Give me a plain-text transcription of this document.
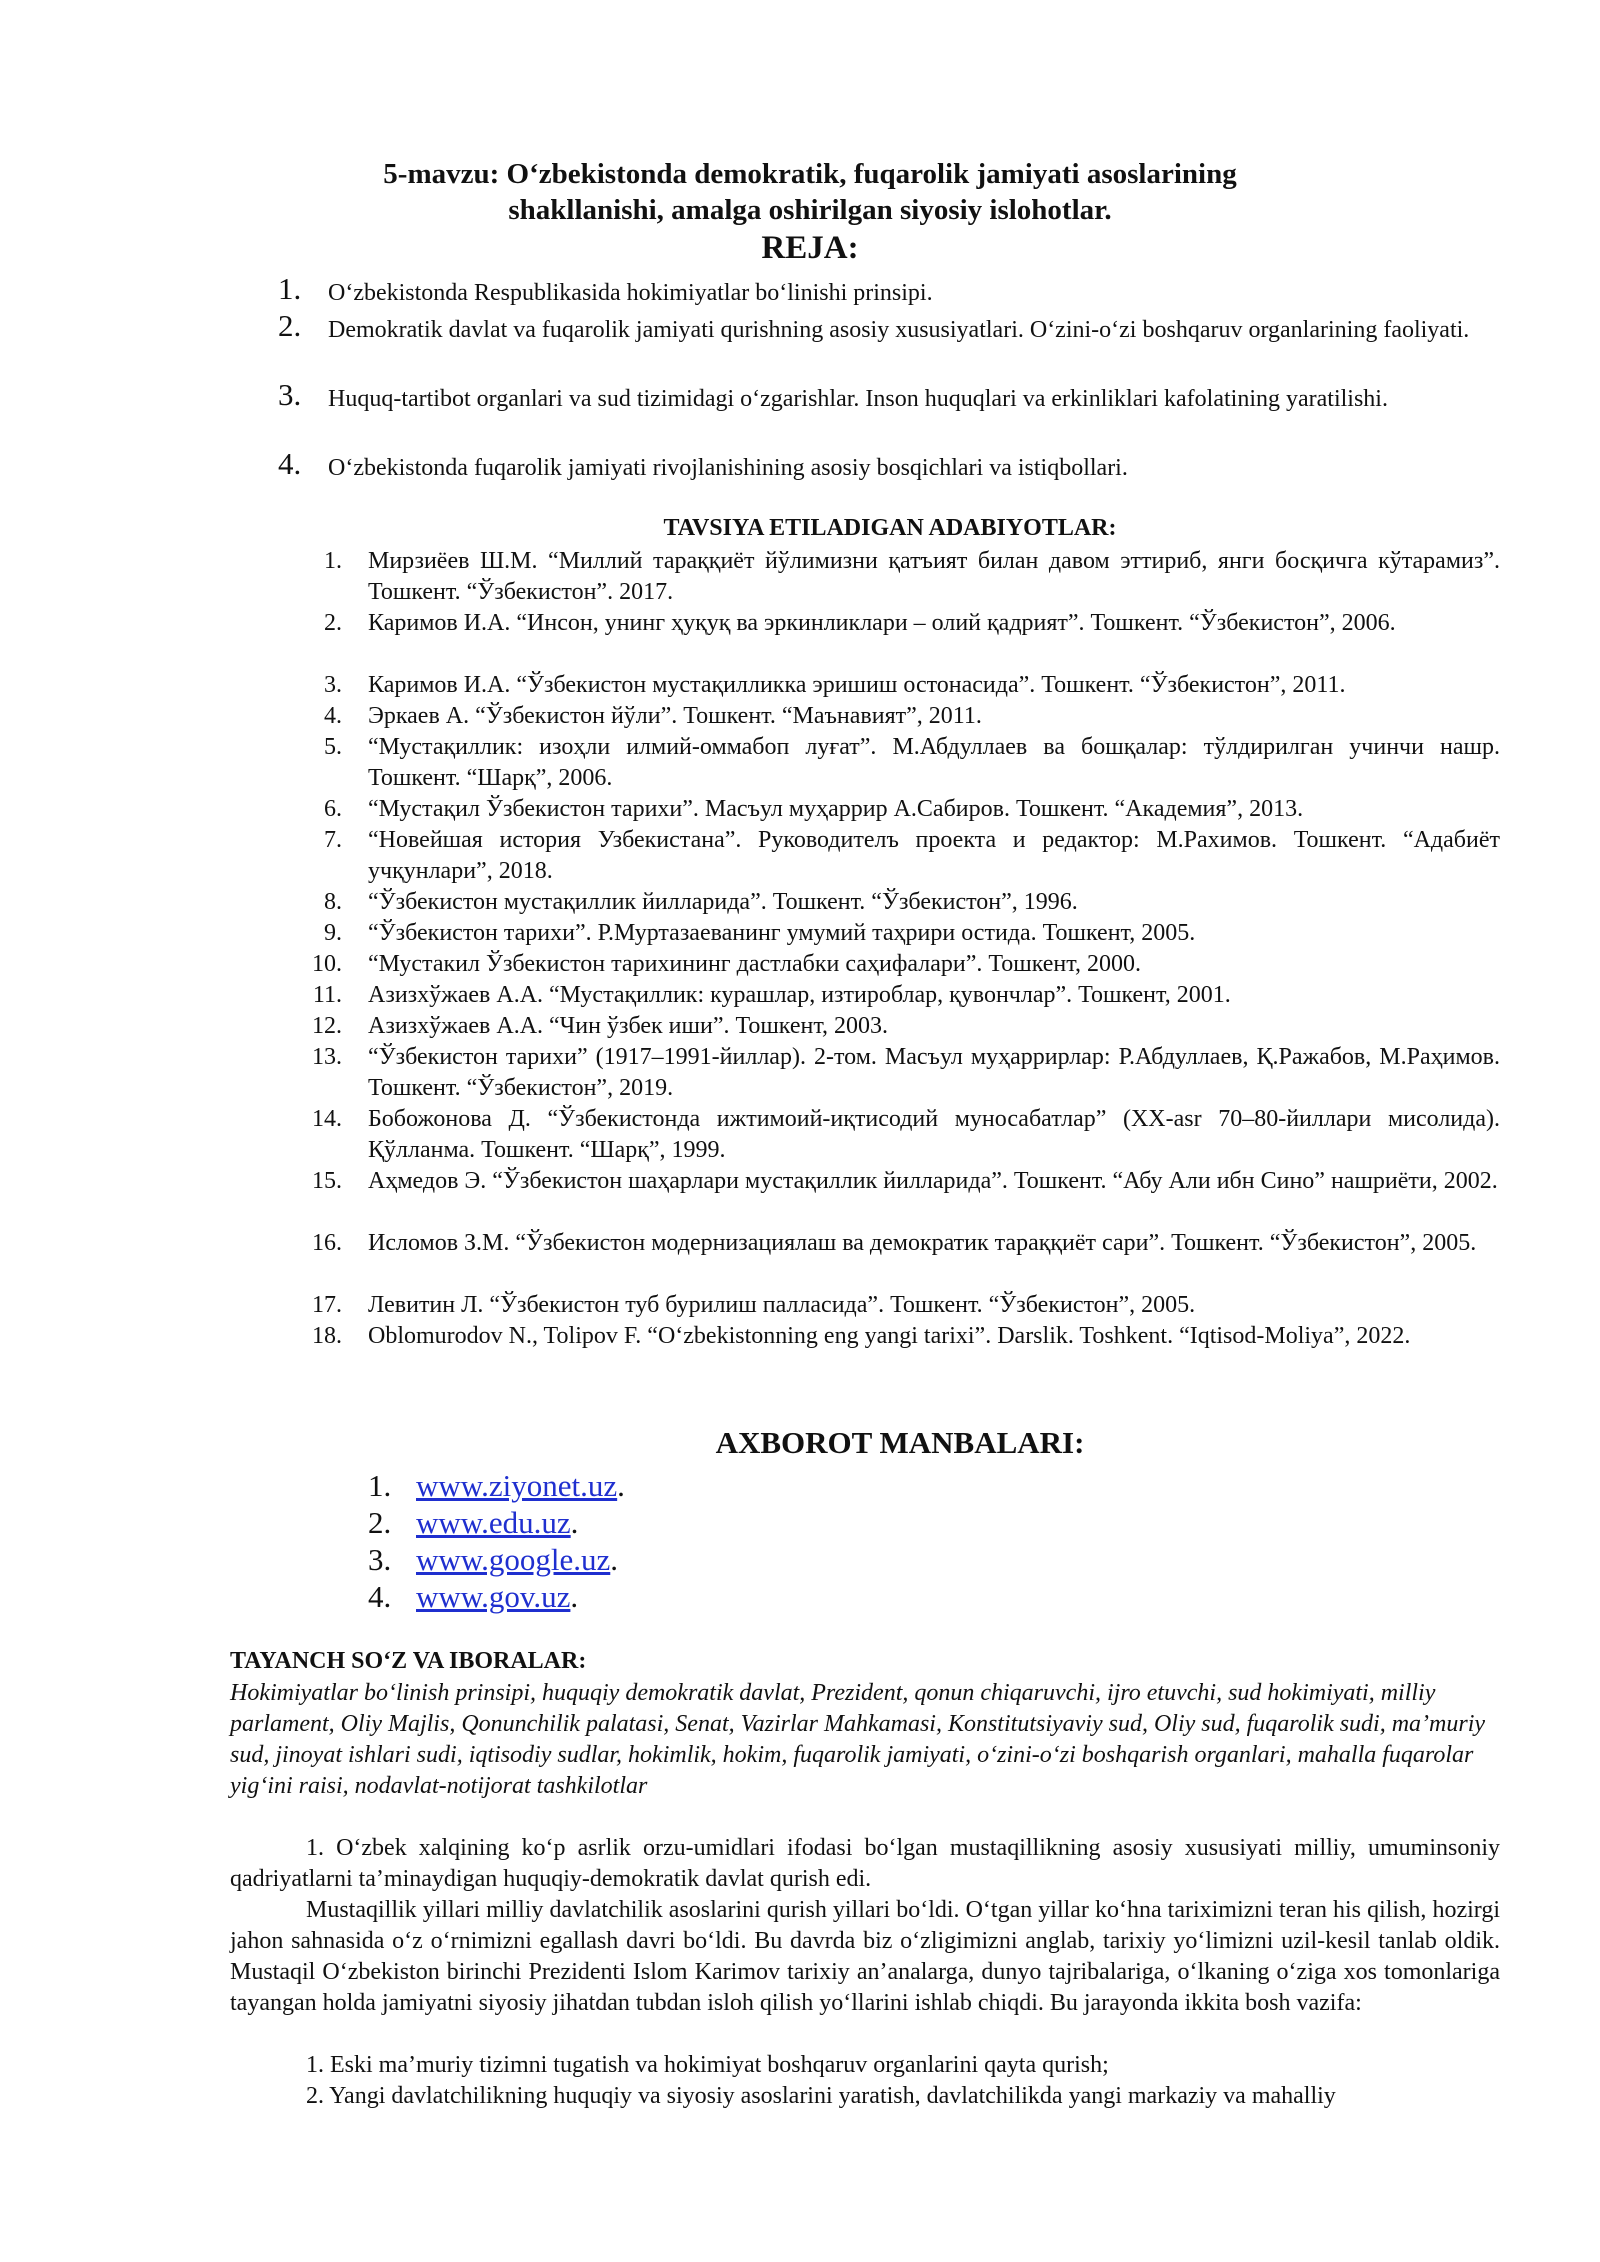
5-mavzu: O‘zbekistonda demokratik, fuqarolik jamiyati asoslarining
shakllanishi, amalga oshirilgan siyosiy islohotlar.
REJA:
1. O‘zbekistonda Respublikasida hokimiyatlar bo‘linishi prinsipi.
2. Demokratik davlat va fuqarolik jamiyati qurishning asosiy xususiyatlari. O‘zini-o‘zi boshqaruv organlarining faoliyati.
3. Huquq-tartibot organlari va sud tizimidagi o‘zgarishlar. Inson huquqlari va erkinliklari kafolatining yaratilishi.
4. O‘zbekistonda fuqarolik jamiyati rivojlanishining asosiy bosqichlari va istiqbollari.
TAVSIYA ETILADIGAN ADABIYOTLAR:
1. Мирзиёев Ш.М. “Миллий тараққиёт йўлимизни қатъият билан давом эттириб, янги босқичга кўтарамиз”. Тошкент. “Ўзбекистон”. 2017.
2. Каримов И.А. “Инсон, унинг ҳуқуқ ва эркинликлари – олий қадрият”. Тошкент. “Ўзбекистон”, 2006.
3. Каримов И.А. “Ўзбекистон мустақилликка эришиш остонасида”. Тошкент. “Ўзбекистон”, 2011.
4. Эркаев А. “Ўзбекистон йўли”. Тошкент. “Маънавият”, 2011.
5. “Мустақиллик: изоҳли илмий-оммабоп луғат”. М.Абдуллаев ва бошқалар: тўлдирилган учинчи нашр. Тошкент. “Шарқ”, 2006.
6. “Мустақил Ўзбекистон тарихи”. Масъул муҳаррир А.Сабиров. Тошкент. “Академия”, 2013.
7. “Новейшая история Узбекистана”. Руководителъ проекта и редактор: М.Рахимов. Тошкент. “Адабиёт учқунлари”, 2018.
8. “Ўзбекистон мустақиллик йилларида”. Тошкент. “Ўзбекистон”, 1996.
9. “Ўзбекистон тарихи”. Р.Муртазаеванинг умумий таҳрири остида. Тошкент, 2005.
10. “Мустакил Ўзбекистон тарихининг дастлабки саҳифалари”. Тошкент, 2000.
11. Азизхўжаев А.А. “Мустақиллик: курашлар, изтироблар, қувончлар”. Тошкент, 2001.
12. Азизхўжаев А.А. “Чин ўзбек иши”. Тошкент, 2003.
13. “Ўзбекистон тарихи” (1917–1991-йиллар). 2-том. Масъул муҳаррирлар: Р.Абдуллаев, Қ.Ражабов, М.Раҳимов. Тошкент. “Ўзбекистон”, 2019.
14. Бобожонова Д. “Ўзбекистонда ижтимоий-иқтисодий муносабатлар” (XX-asr 70–80-йиллари мисолида). Қўлланма. Тошкент. “Шарқ”, 1999.
15. Аҳмедов Э. “Ўзбекистон шаҳарлари мустақиллик йилларида”. Тошкент. “Абу Али ибн Сино” нашриёти, 2002.
16. Исломов З.М. “Ўзбекистон модернизациялаш ва демократик тараққиёт сари”. Тошкент. “Ўзбекистон”, 2005.
17. Левитин Л. “Ўзбекистон туб бурилиш палласида”. Тошкент. “Ўзбекистон”, 2005.
18. Oblomurodov N., Tolipov F. “O‘zbekistonning eng yangi tarixi”. Darslik. Toshkent. “Iqtisod-Moliya”, 2022.
AXBOROT MANBALARI:
1. www.ziyonet.uz.
2. www.edu.uz.
3. www.google.uz.
4. www.gov.uz.
TAYANCH SO‘Z VA IBORALAR:
Hokimiyatlar bo‘linish prinsipi, huquqiy demokratik davlat, Prezident, qonun chiqaruvchi, ijro etuvchi, sud hokimiyati, milliy parlament, Oliy Majlis, Qonunchilik palatasi, Senat, Vazirlar Mahkamasi, Konstitutsiyaviy sud, Oliy sud, fuqarolik sudi, ma’muriy sud, jinoyat ishlari sudi, iqtisodiy sudlar, hokimlik, hokim, fuqarolik jamiyati, o‘zini-o‘zi boshqarish organlari, mahalla fuqarolar yig‘ini raisi, nodavlat-notijorat tashkilotlar
1. O‘zbek xalqining ko‘p asrlik orzu-umidlari ifodasi bo‘lgan mustaqillikning asosiy xususiyati milliy, umuminsoniy qadriyatlarni ta’minaydigan huquqiy-demokratik davlat qurish edi.
Mustaqillik yillari milliy davlatchilik asoslarini qurish yillari bo‘ldi. O‘tgan yillar ko‘hna tariximizni teran his qilish, hozirgi jahon sahnasida o‘z o‘rnimizni egallash davri bo‘ldi. Bu davrda biz o‘zligimizni anglab, tarixiy yo‘limizni uzil-kesil tanlab oldik. Mustaqil O‘zbekiston birinchi Prezidenti Islom Karimov tarixiy an’analarga, dunyo tajribalariga, o‘lkaning o‘ziga xos tomonlariga tayangan holda jamiyatni siyosiy jihatdan tubdan isloh qilish yo‘llarini ishlab chiqdi. Bu jarayonda ikkita bosh vazifa:
1. Eski ma’muriy tizimni tugatish va hokimiyat boshqaruv organlarini qayta qurish;
2. Yangi davlatchilikning huquqiy va siyosiy asoslarini yaratish, davlatchilikda yangi markaziy va mahalliy
